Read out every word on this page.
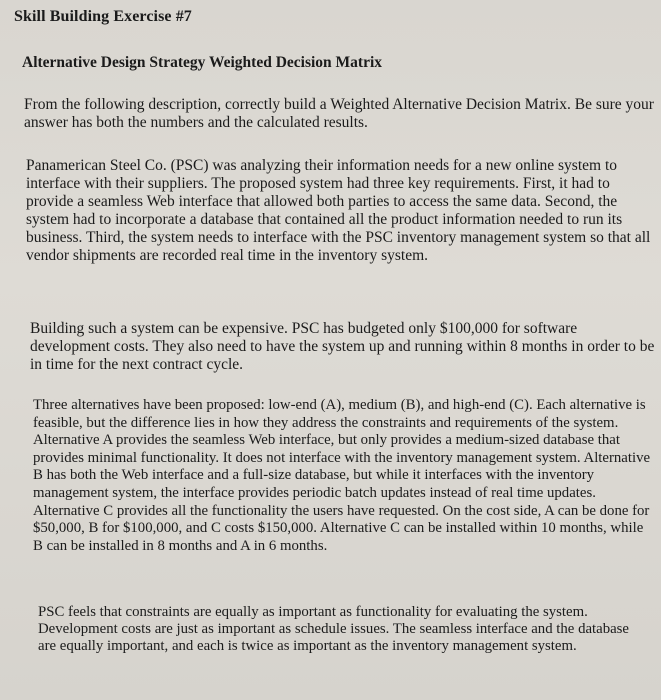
Skill Building Exercise #7
Alternative Design Strategy Weighted Decision Matrix

From the following description, correctly build a Weighted Alternative Decision Matrix. Be sure your answer has both the numbers and the calculated results.

Panamerican Steel Co. (PSC) was analyzing their information needs for a new online system to interface with their suppliers. The proposed system had three key requirements. First, it had to provide a seamless Web interface that allowed both parties to access the same data. Second, the system had to incorporate a database that contained all the product information needed to run its business. Third, the system needs to interface with the PSC inventory management system so that all vendor shipments are recorded real time in the inventory system.

Building such a system can be expensive. PSC has budgeted only $100,000 for software development costs. They also need to have the system up and running within 8 months in order to be in time for the next contract cycle.

Three alternatives have been proposed: low-end (A), medium (B), and high-end (C). Each alternative is feasible, but the difference lies in how they address the constraints and requirements of the system. Alternative A provides the seamless Web interface, but only provides a medium-sized database that provides minimal functionality. It does not interface with the inventory management system. Alternative B has both the Web interface and a full-size database, but while it interfaces with the inventory management system, the interface provides periodic batch updates instead of real time updates. Alternative C provides all the functionality the users have requested. On the cost side, A can be done for $50,000, B for $100,000, and C costs $150,000. Alternative C can be installed within 10 months, while B can be installed in 8 months and A in 6 months.

PSC feels that constraints are equally as important as functionality for evaluating the system. Development costs are just as important as schedule issues. The seamless interface and the database are equally important, and each is twice as important as the inventory management system.
